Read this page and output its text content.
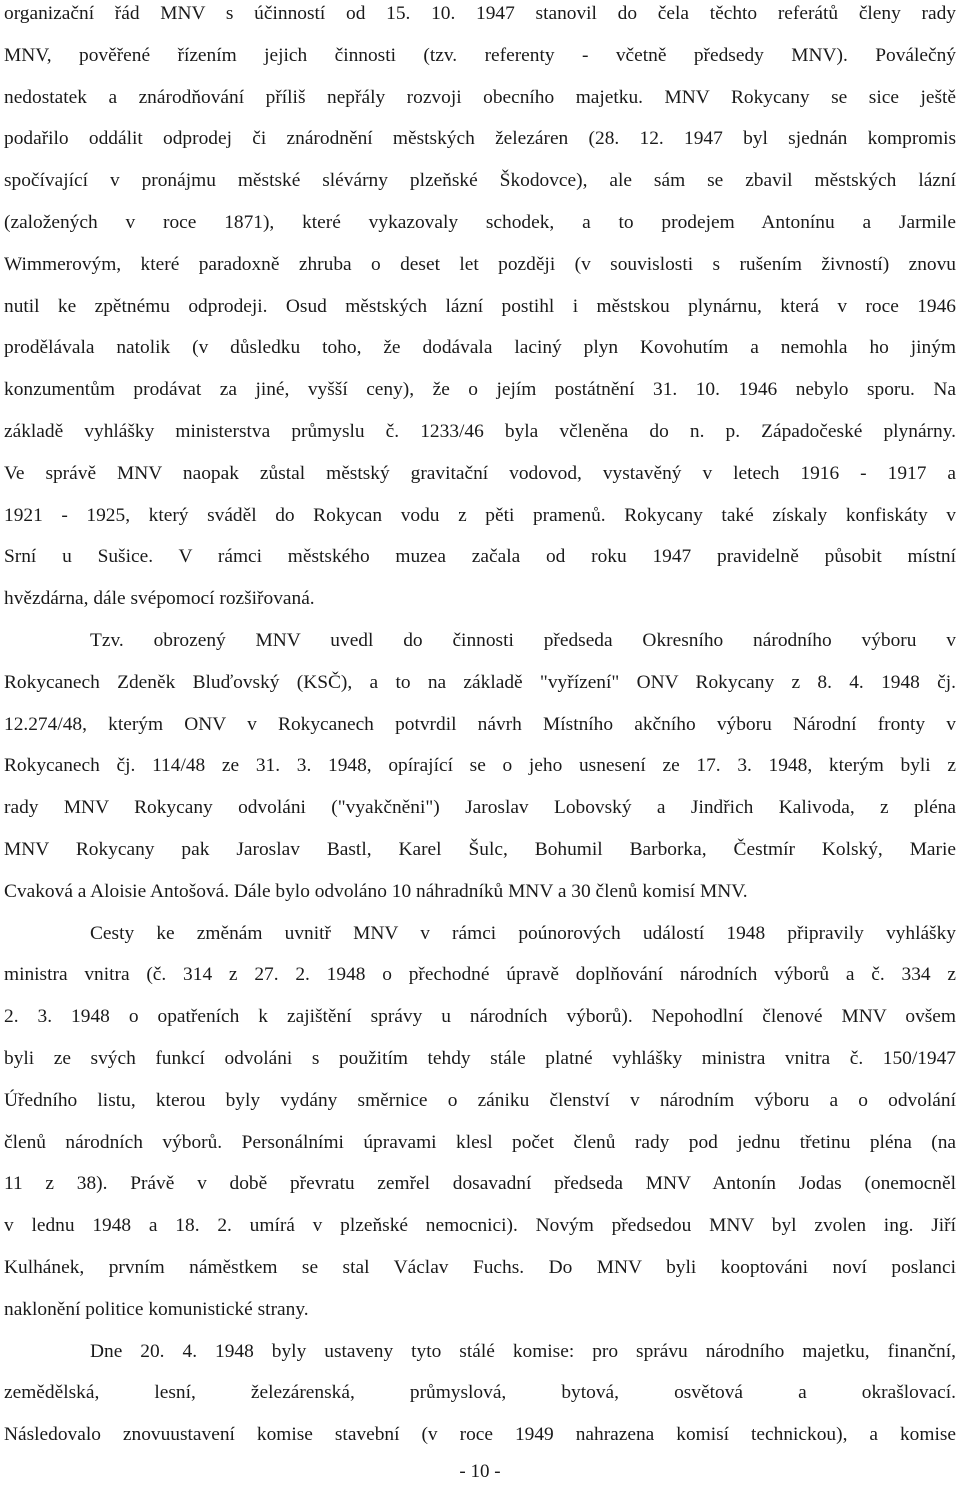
organizační řád MNV s účinností od 15. 10. 1947 stanovil do čela těchto referátů členy rady
MNV, pověřené řízením jejich činnosti (tzv. referenty - včetně předsedy MNV). Poválečný
nedostatek a znárodňování příliš nepřály rozvoji obecního majetku. MNV Rokycany se sice ještě
podařilo oddálit odprodej či znárodnění městských železáren (28. 12. 1947 byl sjednán kompromis
spočívající v pronájmu městské slévárny plzeňské Škodovce), ale sám se zbavil městských lázní
(založených v roce 1871), které vykazovaly schodek, a to prodejem Antonínu a Jarmile
Wimmerovým, které paradoxně zhruba o deset let později (v souvislosti s rušením živností) znovu
nutil ke zpětnému odprodeji. Osud městských lázní postihl i městskou plynárnu, která v roce 1946
prodělávala natolik (v důsledku toho, že dodávala laciný plyn Kovohutím a nemohla ho jiným
konzumentům prodávat za jiné, vyšší ceny), že o jejím postátnění 31. 10. 1946 nebylo sporu. Na
základě vyhlášky ministerstva průmyslu č. 1233/46 byla včleněna do n. p. Západočeské plynárny.
Ve správě MNV naopak zůstal městský gravitační vodovod, vystavěný v letech 1916 - 1917 a
1921 - 1925, který sváděl do Rokycan vodu z pěti pramenů. Rokycany také získaly konfiskáty v
Srní u Sušice. V rámci městského muzea začala od roku 1947 pravidelně působit místní
hvězdárna, dále svépomocí rozšiřovaná.
Tzv. obrozený MNV uvedl do činnosti předseda Okresního národního výboru v
Rokycanech Zdeněk Bluďovský (KSČ), a to na základě "vyřízení" ONV Rokycany z 8. 4. 1948 čj.
12.274/48, kterým ONV v Rokycanech potvrdil návrh Místního akčního výboru Národní fronty v
Rokycanech čj. 114/48 ze 31. 3. 1948, opírající se o jeho usnesení ze 17. 3. 1948, kterým byli z
rady MNV Rokycany odvoláni ("vyakčněni") Jaroslav Lobovský a Jindřich Kalivoda, z pléna
MNV Rokycany pak Jaroslav Bastl, Karel Šulc, Bohumil Barborka, Čestmír Kolský, Marie
Cvaková a Aloisie Antošová. Dále bylo odvoláno 10 náhradníků MNV a 30 členů komisí MNV.
Cesty ke změnám uvnitř MNV v rámci poúnorových událostí 1948 připravily vyhlášky
ministra vnitra (č. 314 z 27. 2. 1948 o přechodné úpravě doplňování národních výborů a č. 334 z
2. 3. 1948 o opatřeních k zajištění správy u národních výborů). Nepohodlní členové MNV ovšem
byli ze svých funkcí odvoláni s použitím tehdy stále platné vyhlášky ministra vnitra č. 150/1947
Úředního listu, kterou byly vydány směrnice o zániku členství v národním výboru a o odvolání
členů národních výborů. Personálními úpravami klesl počet členů rady pod jednu třetinu pléna (na
11 z 38). Právě v době převratu zemřel dosavadní předseda MNV Antonín Jodas (onemocněl
v lednu 1948 a 18. 2. umírá v plzeňské nemocnici). Novým předsedou MNV byl zvolen ing. Jiří
Kulhánek, prvním náměstkem se stal Václav Fuchs. Do MNV byli kooptováni noví poslanci
naklonění politice komunistické strany.
Dne 20. 4. 1948 byly ustaveny tyto stálé komise: pro správu národního majetku, finanční,
zemědělská, lesní, železárenská, průmyslová, bytová, osvětová a okrašlovací.
Následovalo znovuustavení komise stavební (v roce 1949 nahrazena komisí technickou), a komise
- 10 -
